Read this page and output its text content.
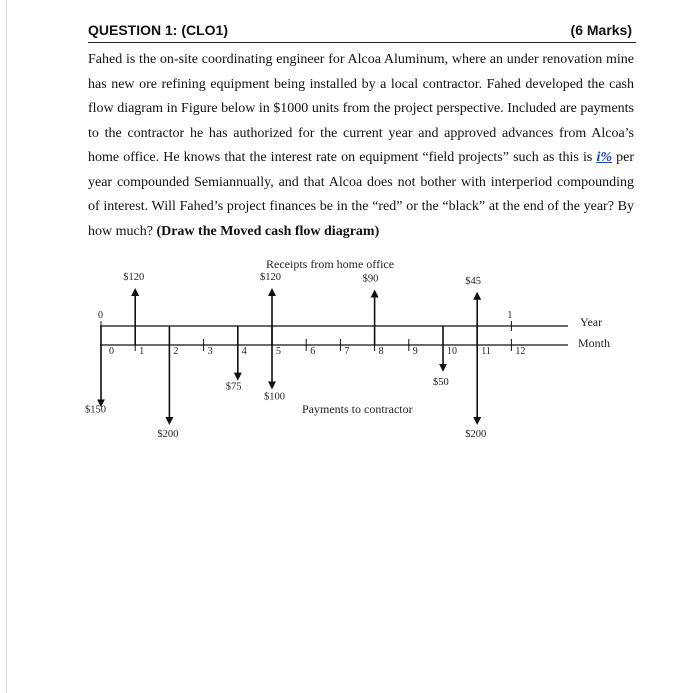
QUESTION 1: (CLO1)	(6 Marks)
Fahed is the on-site coordinating engineer for Alcoa Aluminum, where an under renovation mine has new ore refining equipment being installed by a local contractor. Fahed developed the cash flow diagram in Figure below in $1000 units from the project perspective. Included are payments to the contractor he has authorized for the current year and approved advances from Alcoa’s home office. He knows that the interest rate on equipment “field projects” such as this is i% per year compounded Semiannually, and that Alcoa does not bother with interperiod compounding of interest. Will Fahed’s project finances be in the “red” or the “black” at the end of the year? By how much? (Draw the Moved cash flow diagram)
0	1
0	1	2	3	4	5	6	7	8	9	10 11 12
$120	$120	$90	$45
$150
$200
$75
$100
$50
$200
Receipts from home office
Payments to contractor
Year
Month
